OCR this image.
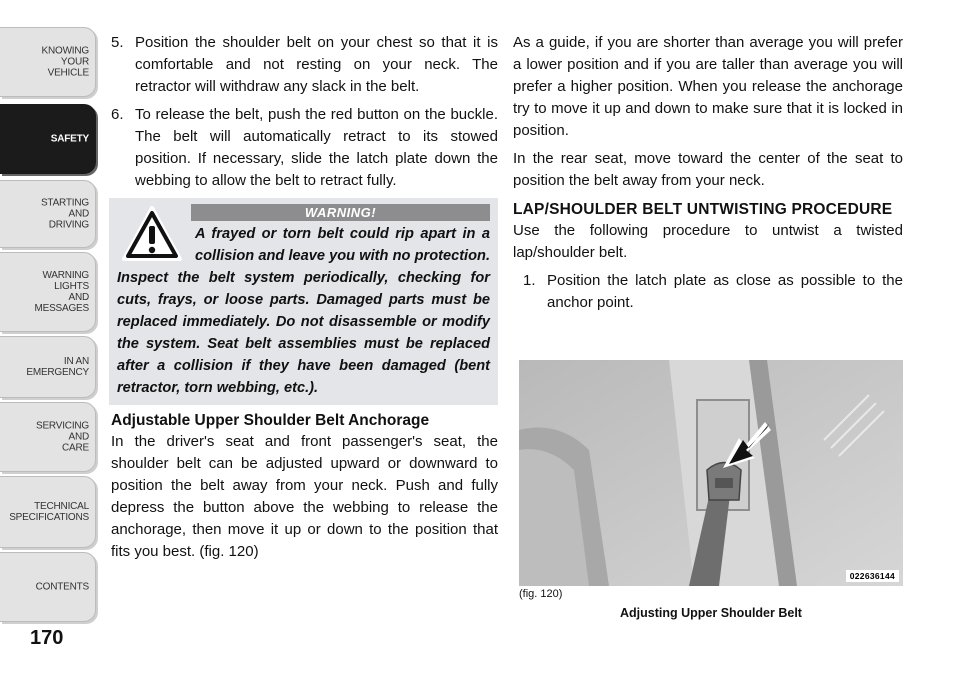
KNOWING
YOUR
VEHICLE
SAFETY
STARTING
AND
DRIVING
WARNING
LIGHTS
AND
MESSAGES
IN AN
EMERGENCY
SERVICING
AND
CARE
TECHNICAL
SPECIFICATIONS
CONTENTS
170
5. Position the shoulder belt on your chest so that it is comfortable and not resting on your neck. The retractor will withdraw any slack in the belt.
6. To release the belt, push the red button on the buckle. The belt will automatically retract to its stowed position. If necessary, slide the latch plate down the webbing to allow the belt to retract fully.
WARNING!
A frayed or torn belt could rip apart in a collision and leave you with no protection. Inspect the belt system periodically, checking for cuts, frays, or loose parts. Damaged parts must be replaced immediately. Do not disassemble or modify the system. Seat belt assemblies must be replaced after a collision if they have been damaged (bent retractor, torn webbing, etc.).
Adjustable Upper Shoulder Belt Anchorage

In the driver's seat and front passenger's seat, the shoulder belt can be adjusted upward or downward to position the belt away from your neck. Push and fully depress the button above the webbing to release the anchorage, then move it up or down to the position that fits you best. (fig. 120)

As a guide, if you are shorter than average you will prefer a lower position and if you are taller than average you will prefer a higher position. When you release the anchorage try to move it up and down to make sure that it is locked in position.

In the rear seat, move toward the center of the seat to position the belt away from your neck.

LAP/SHOULDER BELT UNTWISTING PROCEDURE

Use the following procedure to untwist a twisted lap/shoulder belt.

1. Position the latch plate as close as possible to the anchor point.
022636144
(fig. 120)
Adjusting Upper Shoulder Belt
